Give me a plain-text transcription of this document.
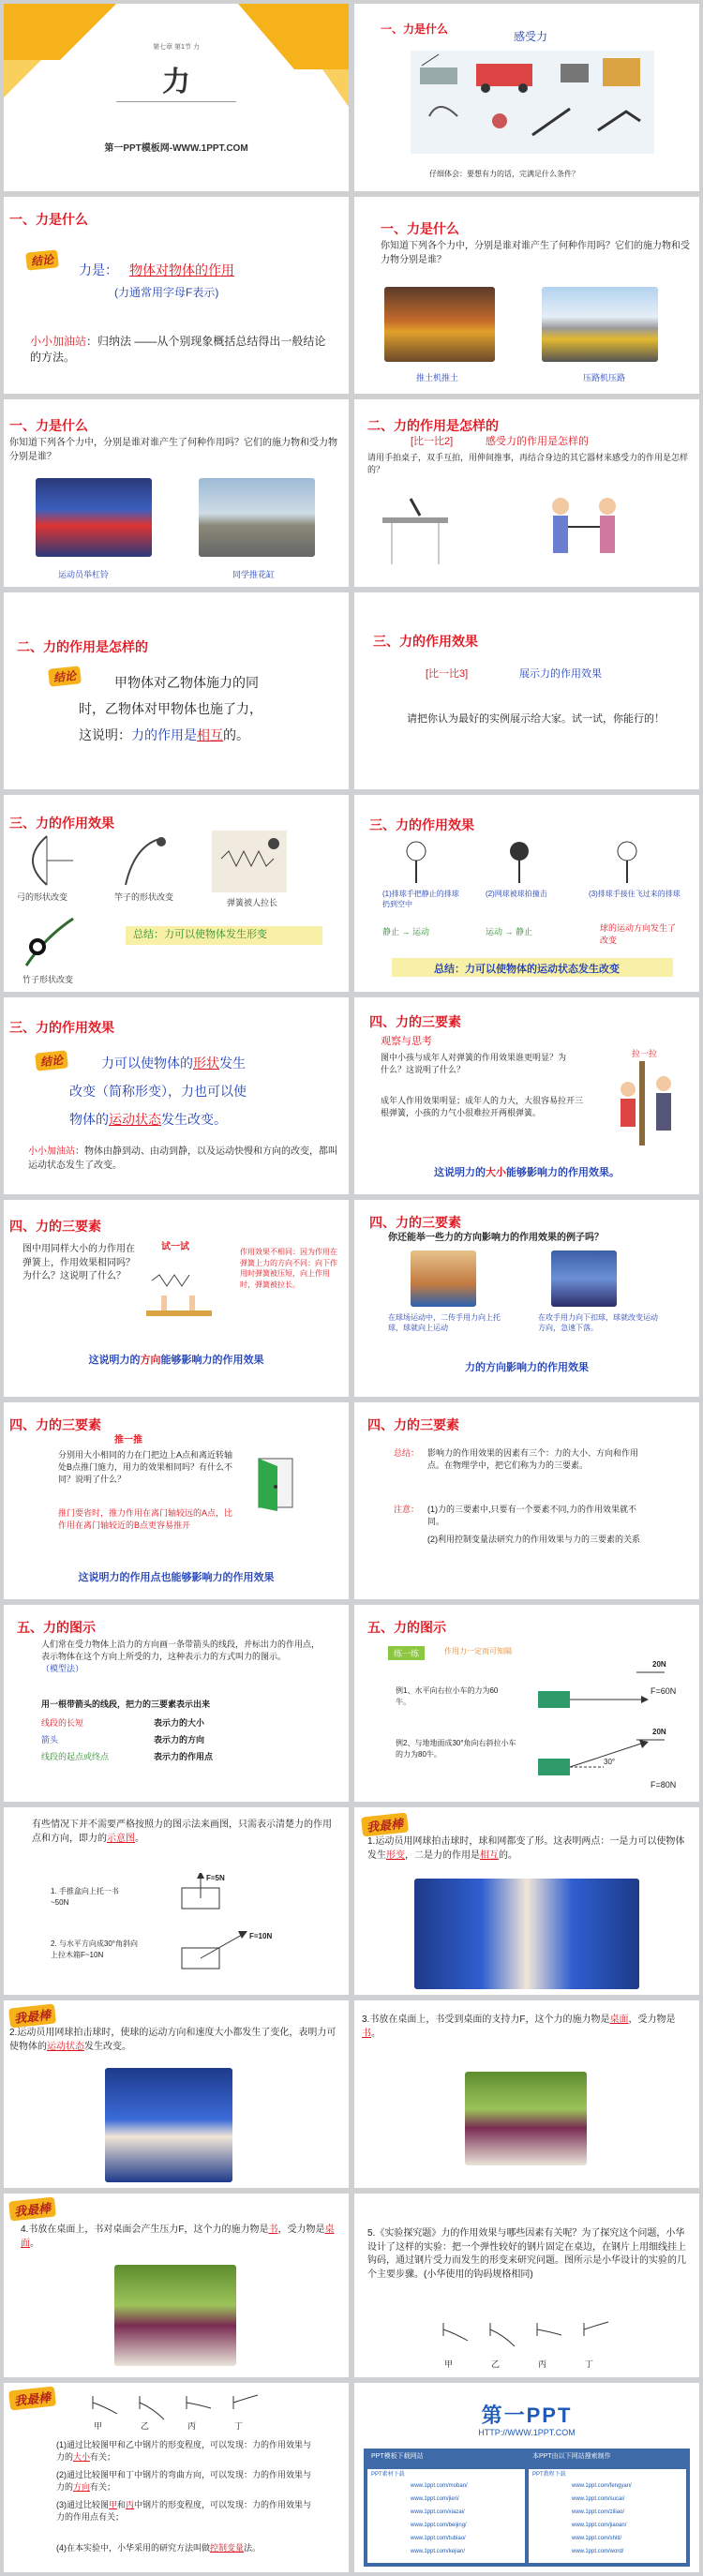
第七章 第1节 力
力
第一PPT模板网-WWW.1PPT.COM
一、力是什么
感受力
仔细体会：要想有力的话，完满足什么条件？
一、力是什么
结论
力是： 物体对物体的作用
(力通常用字母F表示)
小小加油站：归纳法 ——从个别现象概括总结得出一般结论的方法。
一、力是什么
你知道下列各个力中，分别是谁对谁产生了何种作用吗？它们的施力物和受力物分别是谁？
推土机推土	压路机压路
一、力是什么
你知道下列各个力中，分别是谁对谁产生了何种作用吗？它们的施力物和受力物分别是谁？
运动员举杠铃	同学推花缸
二、力的作用是怎样的
[比一比2]	感受力的作用是怎样的
请用手拍桌子，双手互拍，用伸间推事，再结合身边的其它器材来感受力的作用是怎样的？
二、力的作用是怎样的
结论	甲物体对乙物体施力的同
时，乙物体对甲物体也施了力，
这说明：力的作用是相互的。
三、力的作用效果
[比一比3]	展示力的作用效果
请把你认为最好的实例展示给大家。试一试，你能行的！
三、力的作用效果
弓的形状改变	竿子的形状改变
弹簧被人拉长
总结：力可以使物体发生形变
竹子形状改变
三、力的作用效果
(1)排球手把静止的排球扔到空中
(2)网球被球拍撞击	(3)排球手接住飞过来的排球
静止 → 运动	运动 → 静止	球的运动方向发生了改变
总结：力可以使物体的运动状态发生改变
三、力的作用效果
结论	力可以使物体的形状发生
改变（简称形变），力也可以使
物体的运动状态发生改变。
小小加油站：物体由静到动、由动到静，以及运动快慢和方向的改变，都叫运动状态发生了改变。
四、力的三要素
观察与思考
图中小孩与成年人对弹簧的作用效果谁更明显？为什么？这说明了什么？
成年人作用效果明显；成年人的力大，大很容易拉开三根弹簧，小孩的力气小很难拉开两根弹簧。
拉一拉
这说明力的大小能够影响力的作用效果。
四、力的三要素
图中用同样大小的力作用在弹簧上，作用效果相同吗？为什么？这说明了什么？
试一试	作用效果不相同：因为作用在弹簧上力的方向不同：向下作用时弹簧被压短，向上作用时，弹簧被拉长。
这说明力的方向能够影响力的作用效果
四、力的三要素
你还能举一些力的方向影响力的作用效果的例子吗？
在球场运动中，二传手用力向上托球，球就向上运动
在攻手用力向下扣球，球就改变运动方向，急速下落。
力的方向影响力的作用效果
四、力的三要素
推一推
分别用大小相同的力在门把边上A点和离近转轴处B点推门施力，用力的效果相同吗？有什么不同？说明了什么？
推门要省时，推力作用在离门轴较远的A点，比作用在离门轴较近的B点更容易推开
这说明力的作用点也能够影响力的作用效果
四、力的三要素
总结： 影响力的作用效果的因素有三个：力的大小、方向和作用点。在物理学中，把它们称为力的三要素。
注意： (1)力的三要素中,只要有一个要素不同,力的作用效果就不同。
(2)利用控制变量法研究力的作用效果与力的三要素的关系
五、力的图示
人们常在受力物体上沿力的方向画一条带箭头的线段，并标出力的作用点，表示物体在这个方向上所受的力，这种表示力的方式叫力的图示。（模型法）
用一根带箭头的线段，把力的三要素表示出来
线段的长短	表示力的大小
箭头	表示力的方向
线段的起点或终点	表示力的作用点
五、力的图示
练一练	作用力一定而可知隔
例1、水平向右拉小车的力为60牛。
例2、与地地面成30°角向右斜拉小车的力为80牛。
20N
F=60N
20N
30°
F=80N
有些情况下并不需要严格按照力的图示法来画图，只需表示清楚力的作用点和方向，即力的示意图。
1. 手推盒向上托一书~50N
2. 与水平方向成30°角斜向上拉木箱F~10N
F=5N
F=10N
我最棒
1.运动员用网球拍击球时，球和网都变了形。这表明两点：一是力可以使物体发生形变，二是力的作用是相互的。
我最棒
2.运动员用网球拍击球时，使球的运动方向和速度大小都发生了变化，表明力可使物体的运动状态发生改变。
3.书放在桌面上，书受到桌面的支持力F，这个力的施力物是桌面，受力物是书。
我最棒
4.书放在桌面上，书对桌面会产生压力F，这个力的施力物是书，受力物是桌面。
5.《实验探究题》力的作用效果与哪些因素有关呢？为了探究这个问题，小华设计了这样的实验：把一个弹性较好的钢片固定在桌边，在钢片上用细线挂上钩码，通过钢片受力而发生的形变来研究问题。图所示是小华设计的实验的几个主要步骤。(小华使用的钩码规格相同)
甲	乙	丙	丁
我最棒
甲	乙	丙	丁
(1)通过比较图甲和乙中钢片的形变程度，可以发现：力的作用效果与力的大小有关；
(2)通过比较图甲和丁中钢片的弯曲方向，可以发现：力的作用效果与力的方向有关；
(3)通过比较图甲和丙中钢片的形变程度，可以发现：力的作用效果与力的作用点有关；
(4)在本实验中，小华采用的研究方法叫做控制变量法。
第一PPT
HTTP://WWW.1PPT.COM
PPT模板下载网站	本PPT由以下网站搜索制作
PPT素材下载	PPT教程下载
www.1ppt.com/moban/
www.1ppt.com/jieri/
www.1ppt.com/xiazai/
www.1ppt.com/beijing/
www.1ppt.com/tubiao/
www.1ppt.com/kejian/
www.1ppt.com/fengyan/
www.1ppt.com/sucai/
www.1ppt.com/ziliao/
www.1ppt.com/jiaoan/
www.1ppt.com/shiti/
www.1ppt.com/word/
